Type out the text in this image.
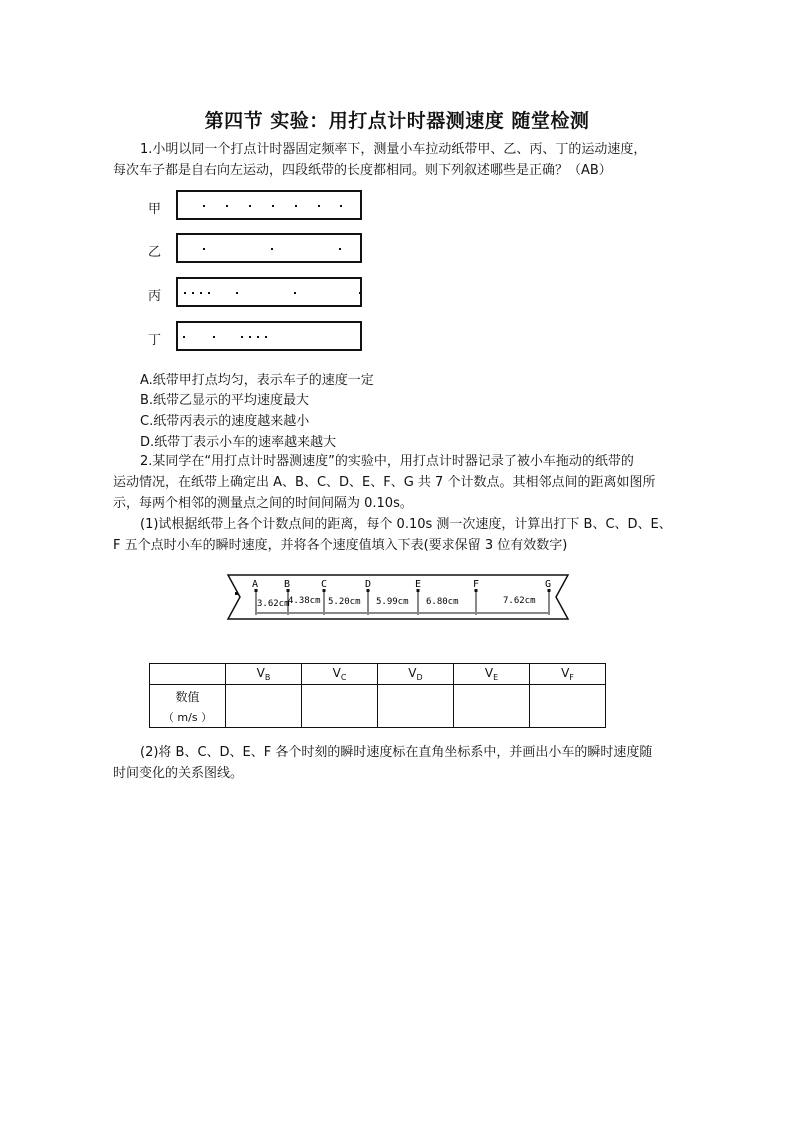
第四节 实验：用打点计时器测速度 随堂检测
1.小明以同一个打点计时器固定频率下，测量小车拉动纸带甲、乙、丙、丁的运动速度，

每次车子都是自右向左运动，四段纸带的长度都相同。则下列叙述哪些是正确？（AB）
甲
乙
丙
丁
A.纸带甲打点均匀，表示车子的速度一定
B.纸带乙显示的平均速度最大
C.纸带丙表示的速度越来越小
D.纸带丁表示小车的速率越来越大
2.某同学在“用打点计时器测速度”的实验中，用打点计时器记录了被小车拖动的纸带的
运动情况，在纸带上确定出 A、B、C、D、E、F、G 共 7 个计数点。其相邻点间的距离如图所
示，每两个相邻的测量点之间的时间间隔为 0.10s。
(1)试根据纸带上各个计数点间的距离，每个 0.10s 测一次速度，计算出打下 B、C、D、E、
F 五个点时小车的瞬时速度，并将各个速度值填入下表(要求保留 3 位有效数字)
A	B	C	D	E	F	G
3.62cm
4.38cm 5.20cm 5.99cm 6.80cm	7.62cm
	$V_B$	$V_C$	$V_D$	$V_E$	$V_F$

数值
（ m/s ）					

(2)将 B、C、D、E、F 各个时刻的瞬时速度标在直角坐标系中，并画出小车的瞬时速度随
时间变化的关系图线。
